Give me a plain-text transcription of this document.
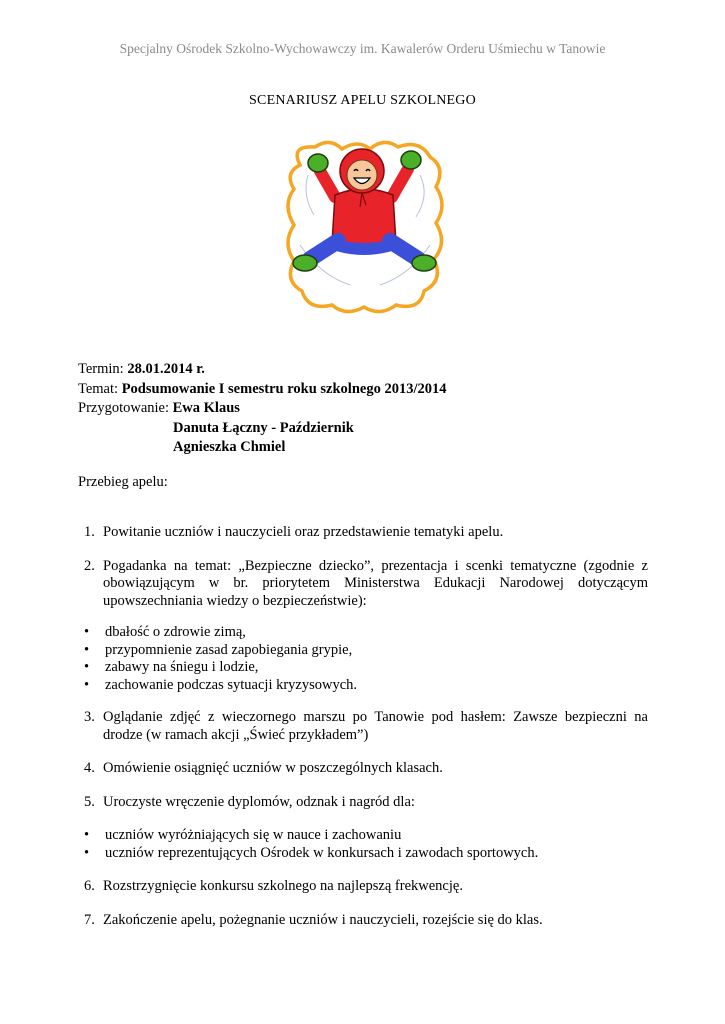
Specjalny Ośrodek Szkolno-Wychowawczy im. Kawalerów Orderu Uśmiechu w Tanowie
SCENARIUSZ APELU SZKOLNEGO
Termin: 28.01.2014 r.
Temat: Podsumowanie I semestru roku szkolnego 2013/2014
Przygotowanie: Ewa Klaus
Danuta Łączny - Październik
Agnieszka Chmiel
Przebieg apelu:
1. Powitanie uczniów i nauczycieli oraz przedstawienie tematyki apelu.
2. Pogadanka na temat: „Bezpieczne dziecko”, prezentacja i scenki tematyczne (zgodnie z obowiązującym w br. priorytetem Ministerstwa Edukacji Narodowej dotyczącym upowszechniania wiedzy o bezpieczeństwie):
• dbałość o zdrowie zimą,
• przypomnienie zasad zapobiegania grypie,
• zabawy na śniegu i lodzie,
• zachowanie podczas sytuacji kryzysowych.
3. Oglądanie zdjęć z wieczornego marszu po Tanowie pod hasłem: Zawsze bezpieczni na drodze (w ramach akcji „Świeć przykładem”)
4. Omówienie osiągnięć uczniów w poszczególnych klasach.
5. Uroczyste wręczenie dyplomów, odznak i nagród dla:
• uczniów wyróżniających się w nauce i zachowaniu
• uczniów reprezentujących Ośrodek w konkursach i zawodach sportowych.
6. Rozstrzygnięcie konkursu szkolnego na najlepszą frekwencję.
7. Zakończenie apelu, pożegnanie uczniów i nauczycieli, rozejście się do klas.
